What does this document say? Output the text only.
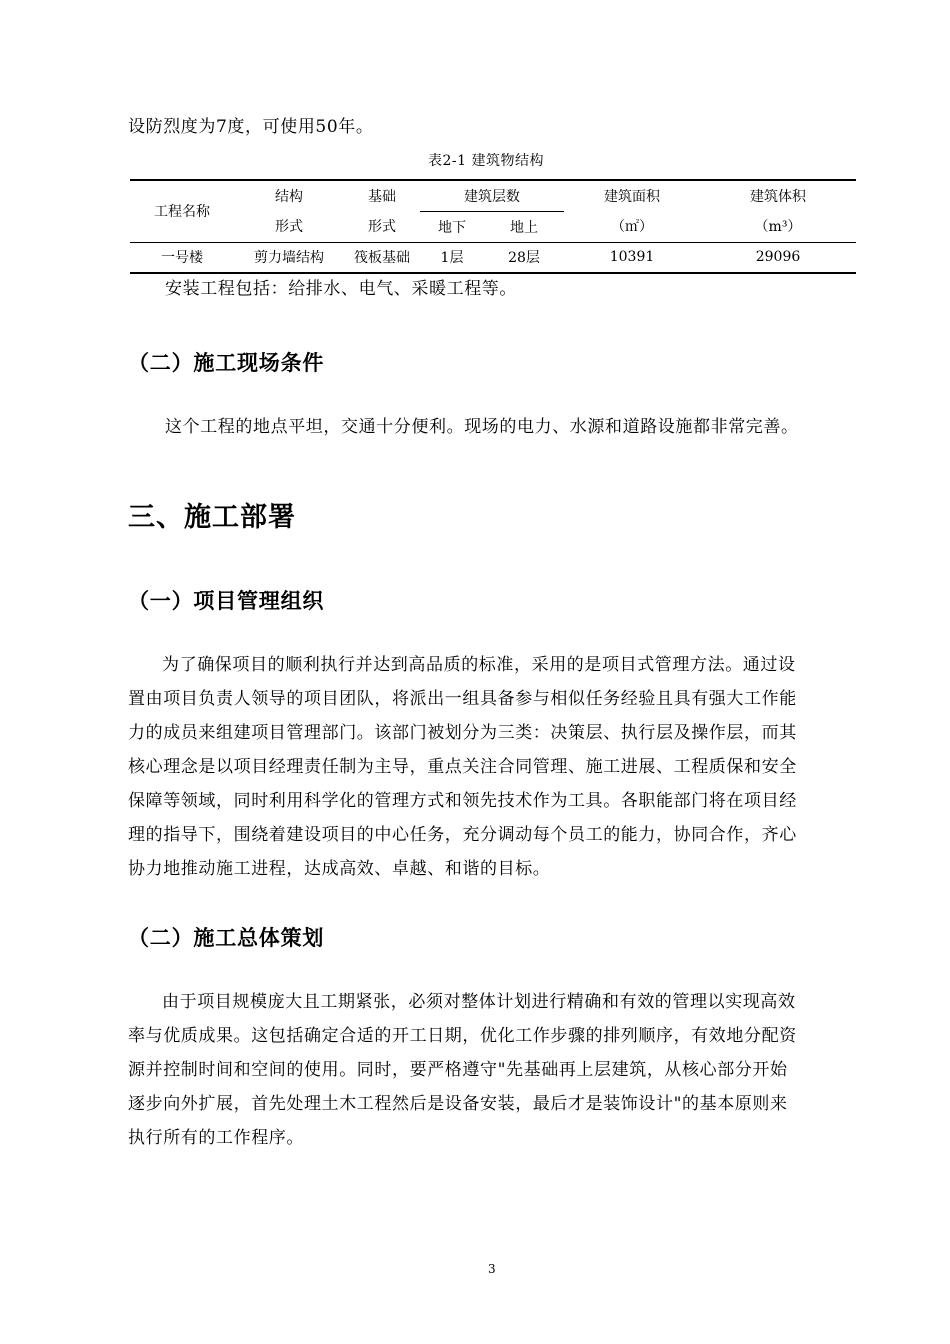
设防烈度为7度，可使用50年。
表2-1 建筑物结构
工程名称	结构	基础	建筑层数		建筑面积	建筑体积
	形式	形式	地下	地上	（㎡）	（m³）
一号楼	剪力墙结构	筏板基础	1层	28层	10391	29096
安装工程包括：给排水、电气、采暖工程等。
（二）施工现场条件
这个工程的地点平坦，交通十分便利。现场的电力、水源和道路设施都非常完善。
三、施工部署
（一）项目管理组织
为了确保项目的顺利执行并达到高品质的标准，采用的是项目式管理方法。通过设
置由项目负责人领导的项目团队，将派出一组具备参与相似任务经验且具有强大工作能
力的成员来组建项目管理部门。该部门被划分为三类：决策层、执行层及操作层，而其
核心理念是以项目经理责任制为主导，重点关注合同管理、施工进展、工程质保和安全
保障等领域，同时利用科学化的管理方式和领先技术作为工具。各职能部门将在项目经
理的指导下，围绕着建设项目的中心任务，充分调动每个员工的能力，协同合作，齐心
协力地推动施工进程，达成高效、卓越、和谐的目标。
（二）施工总体策划
由于项目规模庞大且工期紧张，必须对整体计划进行精确和有效的管理以实现高效
率与优质成果。这包括确定合适的开工日期，优化工作步骤的排列顺序，有效地分配资
源并控制时间和空间的使用。同时，要严格遵守"先基础再上层建筑，从核心部分开始
逐步向外扩展，首先处理土木工程然后是设备安装，最后才是装饰设计"的基本原则来
执行所有的工作程序。
3
